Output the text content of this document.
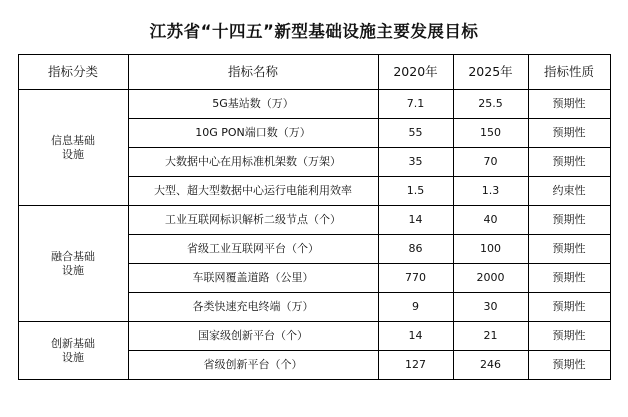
江苏省“十四五”新型基础设施主要发展目标
指标分类	指标名称	2020年	2025年	指标性质

信息基础
设施	5G基站数（万）	7.1	25.5	预期性
	10G PON端口数（万）	55	150	预期性
	大数据中心在用标准机架数（万架）	35	70	预期性
	大型、超大型数据中心运行电能利用效率	1.5	1.3	约束性

融合基础
设施	工业互联网标识解析二级节点（个）	14	40	预期性
	省级工业互联网平台（个）	86	100	预期性
	车联网覆盖道路（公里）	770	2000	预期性
	各类快速充电终端（万）	9	30	预期性

创新基础
设施	国家级创新平台（个）	14	21	预期性
	省级创新平台（个）	127	246	预期性
